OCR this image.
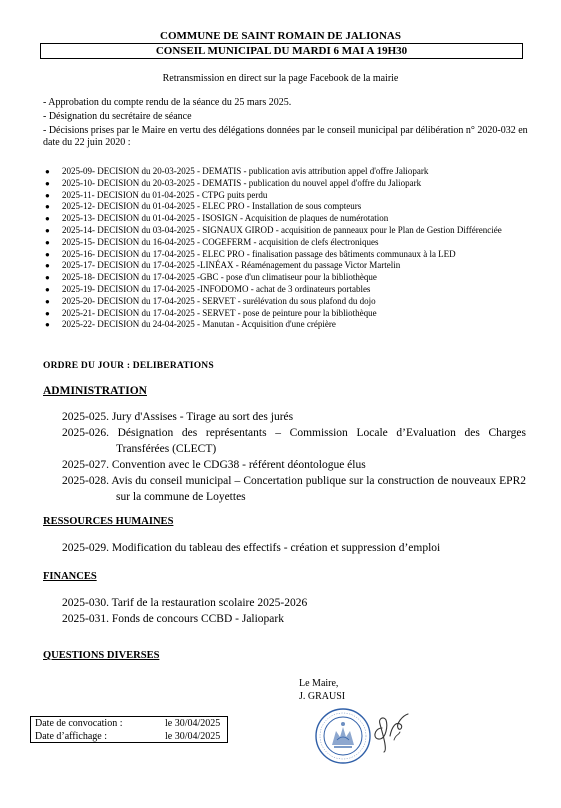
COMMUNE DE SAINT ROMAIN DE JALIONAS
CONSEIL MUNICIPAL DU MARDI 6 MAI A 19H30
Retransmission en direct sur la page Facebook de la mairie
- Approbation du compte rendu de la séance du 25 mars 2025.
- Désignation du secrétaire de séance
- Décisions prises par le Maire en vertu des délégations données par le conseil municipal par délibération n° 2020-032 en date du 22 juin 2020 :
● 2025-09- DECISION du 20-03-2025 - DEMATIS - publication avis attribution appel d'offre Jaliopark
● 2025-10- DECISION du 20-03-2025 - DEMATIS - publication du nouvel appel d'offre du Jaliopark
● 2025-11- DECISION du 01-04-2025 - CTPG puits perdu
● 2025-12- DECISION du 01-04-2025 - ELEC PRO - Installation de sous compteurs
● 2025-13- DECISION du 01-04-2025 - ISOSIGN - Acquisition de plaques de numérotation
● 2025-14- DECISION du 03-04-2025 - SIGNAUX GIROD - acquisition de panneaux pour le Plan de Gestion Différenciée
● 2025-15- DECISION du 16-04-2025 - COGEFERM - acquisition de clefs électroniques
● 2025-16- DECISION du 17-04-2025 - ELEC PRO - finalisation passage des bâtiments communaux à la LED
● 2025-17- DECISION du 17-04-2025 -LINÉAX - Réaménagement du passage Victor Martelin
● 2025-18- DECISION du 17-04-2025 -GBC - pose d'un climatiseur pour la bibliothèque
● 2025-19- DECISION du 17-04-2025 -INFODOMO - achat de 3 ordinateurs portables
● 2025-20- DECISION du 17-04-2025 - SERVET - surélévation du sous plafond du dojo
● 2025-21- DECISION du 17-04-2025 - SERVET - pose de peinture pour la bibliothèque
● 2025-22- DECISION du 24-04-2025 - Manutan - Acquisition d'une crépière
ORDRE DU JOUR : DELIBERATIONS
ADMINISTRATION
2025-025. Jury d'Assises - Tirage au sort des jurés
2025-026. Désignation des représentants – Commission Locale d’Evaluation des Charges Transférées (CLECT)
2025-027. Convention avec le CDG38 - référent déontologue élus
2025-028. Avis du conseil municipal – Concertation publique sur la construction de nouveaux EPR2 sur la commune de Loyettes
RESSOURCES HUMAINES
2025-029. Modification du tableau des effectifs - création et suppression d’emploi
FINANCES
2025-030. Tarif de la restauration scolaire 2025-2026
2025-031. Fonds de concours CCBD - Jaliopark
QUESTIONS DIVERSES
Le Maire,
J. GRAUSI
Date de convocation :	le 30/04/2025
Date d’affichage :	le 30/04/2025
